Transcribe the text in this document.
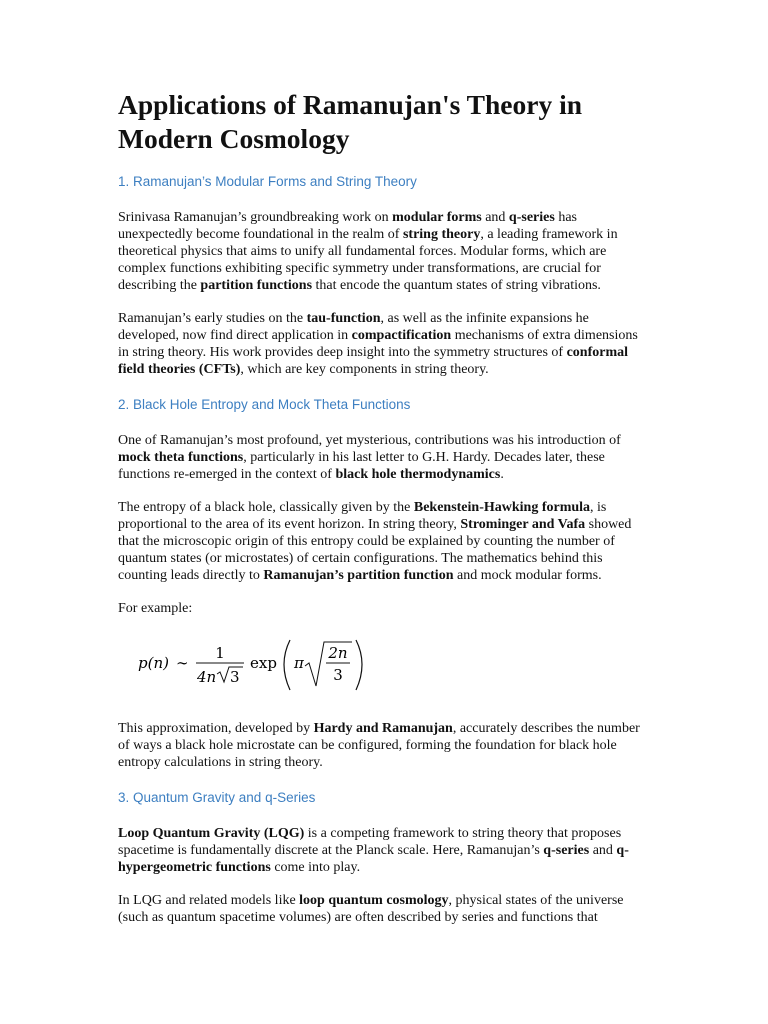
Applications of Ramanujan's Theory in Modern Cosmology
1. Ramanujan’s Modular Forms and String Theory

Srinivasa Ramanujan’s groundbreaking work on modular forms and q-series has unexpectedly become foundational in the realm of string theory, a leading framework in theoretical physics that aims to unify all fundamental forces. Modular forms, which are complex functions exhibiting specific symmetry under transformations, are crucial for describing the partition functions that encode the quantum states of string vibrations.

Ramanujan’s early studies on the tau-function, as well as the infinite expansions he developed, now find direct application in compactification mechanisms of extra dimensions in string theory. His work provides deep insight into the symmetry structures of conformal field theories (CFTs), which are key components in string theory.

2. Black Hole Entropy and Mock Theta Functions

One of Ramanujan’s most profound, yet mysterious, contributions was his introduction of mock theta functions, particularly in his last letter to G.H. Hardy. Decades later, these functions re-emerged in the context of black hole thermodynamics.

The entropy of a black hole, classically given by the Bekenstein-Hawking formula, is proportional to the area of its event horizon. In string theory, Strominger and Vafa showed that the microscopic origin of this entropy could be explained by counting the number of quantum states (or microstates) of certain configurations. The mathematics behind this counting leads directly to Ramanujan’s partition function and mock modular forms.

For example:

p(n) ∼
1
4n 3
exp π
2n
3

This approximation, developed by Hardy and Ramanujan, accurately describes the number of ways a black hole microstate can be configured, forming the foundation for black hole entropy calculations in string theory.

3. Quantum Gravity and q-Series

Loop Quantum Gravity (LQG) is a competing framework to string theory that proposes spacetime is fundamentally discrete at the Planck scale. Here, Ramanujan’s q-series and q-hypergeometric functions come into play.

In LQG and related models like loop quantum cosmology, physical states of the universe (such as quantum spacetime volumes) are often described by series and functions that
